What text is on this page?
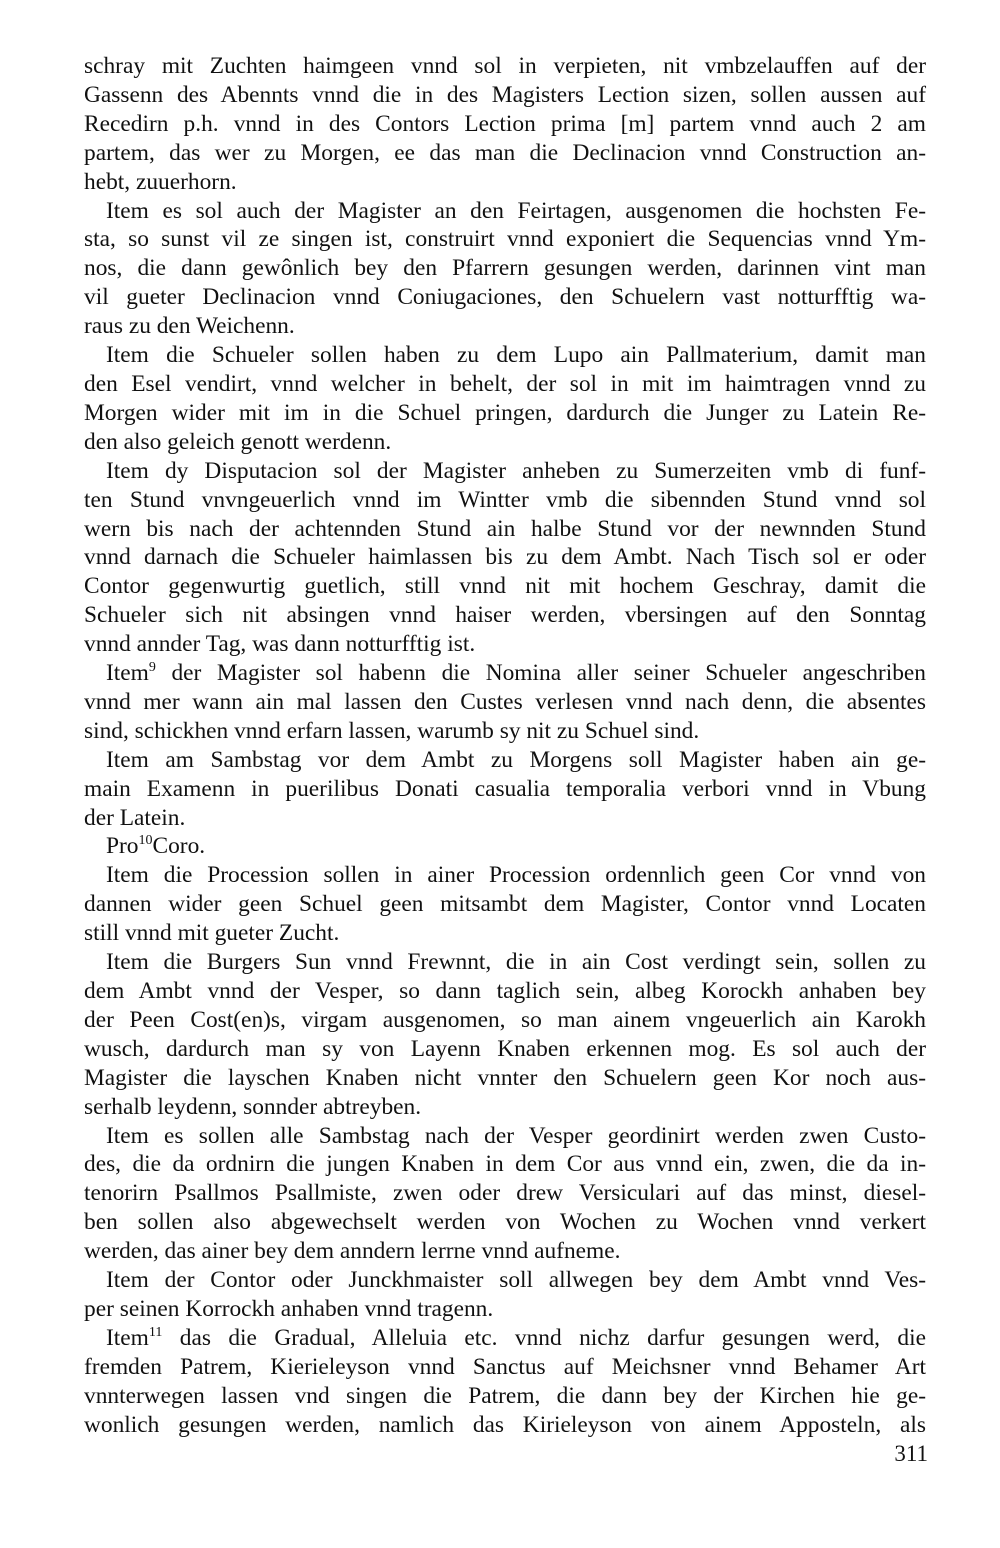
schray mit Zuchten haimgeen vnnd sol in verpieten, nit vmbzelauffen auf der
Gassenn des Abennts vnnd die in des Magisters Lection sizen, sollen aussen auf
Recedirn p.h. vnnd in des Contors Lection prima [m] partem vnnd auch 2 am
partem, das wer zu Morgen, ee das man die Declinacion vnnd Construction an-
hebt, zuuerhorn.
Item es sol auch der Magister an den Feirtagen, ausgenomen die hochsten Fe-
sta, so sunst vil ze singen ist, construirt vnnd exponiert die Sequencias vnnd Ym-
nos, die dann gewônlich bey den Pfarrern gesungen werden, darinnen vint man
vil gueter Declinacion vnnd Coniugaciones, den Schuelern vast notturfftig wa-
raus zu den Weichenn.
Item die Schueler sollen haben zu dem Lupo ain Pallmaterium, damit man
den Esel vendirt, vnnd welcher in behelt, der sol in mit im haimtragen vnnd zu
Morgen wider mit im in die Schuel pringen, dardurch die Junger zu Latein Re-
den also geleich genott werdenn.
Item dy Disputacion sol der Magister anheben zu Sumerzeiten vmb di funf-
ten Stund vnvngeuerlich vnnd im Wintter vmb die sibennden Stund vnnd sol
wern bis nach der achtennden Stund ain halbe Stund vor der newnnden Stund
vnnd darnach die Schueler haimlassen bis zu dem Ambt. Nach Tisch sol er oder
Contor gegenwurtig guetlich, still vnnd nit mit hochem Geschray, damit die
Schueler sich nit absingen vnnd haiser werden, vbersingen auf den Sonntag
vnnd annder Tag, was dann notturfftig ist.
Item$^9$ der Magister sol habenn die Nomina aller seiner Schueler angeschriben
vnnd mer wann ain mal lassen den Custes verlesen vnnd nach denn, die absentes
sind, schickhen vnnd erfarn lassen, warumb sy nit zu Schuel sind.
Item am Sambstag vor dem Ambt zu Morgens soll Magister haben ain ge-
main Examenn in puerilibus Donati casualia temporalia verbori vnnd in Vbung
der Latein.
Pro$^{10}$Coro.
Item die Procession sollen in ainer Procession ordennlich geen Cor vnnd von
dannen wider geen Schuel geen mitsambt dem Magister, Contor vnnd Locaten
still vnnd mit gueter Zucht.
Item die Burgers Sun vnnd Frewnnt, die in ain Cost verdingt sein, sollen zu
dem Ambt vnnd der Vesper, so dann taglich sein, albeg Korockh anhaben bey
der Peen Cost(en)s, virgam ausgenomen, so man ainem vngeuerlich ain Karokh
wusch, dardurch man sy von Layenn Knaben erkennen mog. Es sol auch der
Magister die layschen Knaben nicht vnnter den Schuelern geen Kor noch aus-
serhalb leydenn, sonnder abtreyben.
Item es sollen alle Sambstag nach der Vesper geordinirt werden zwen Custo-
des, die da ordnirn die jungen Knaben in dem Cor aus vnnd ein, zwen, die da in-
tenorirn Psallmos Psallmiste, zwen oder drew Versiculari auf das minst, diesel-
ben sollen also abgewechselt werden von Wochen zu Wochen vnnd verkert
werden, das ainer bey dem anndern lerrne vnnd aufneme.
Item der Contor oder Junckhmaister soll allwegen bey dem Ambt vnnd Ves-
per seinen Korrockh anhaben vnnd tragenn.
Item$^{11}$ das die Gradual, Alleluia etc. vnnd nichz darfur gesungen werd, die
fremden Patrem, Kierieleyson vnnd Sanctus auf Meichsner vnnd Behamer Art
vnnterwegen lassen vnd singen die Patrem, die dann bey der Kirchen hie ge-
wonlich gesungen werden, namlich das Kirieleyson von ainem Apposteln, als
311
